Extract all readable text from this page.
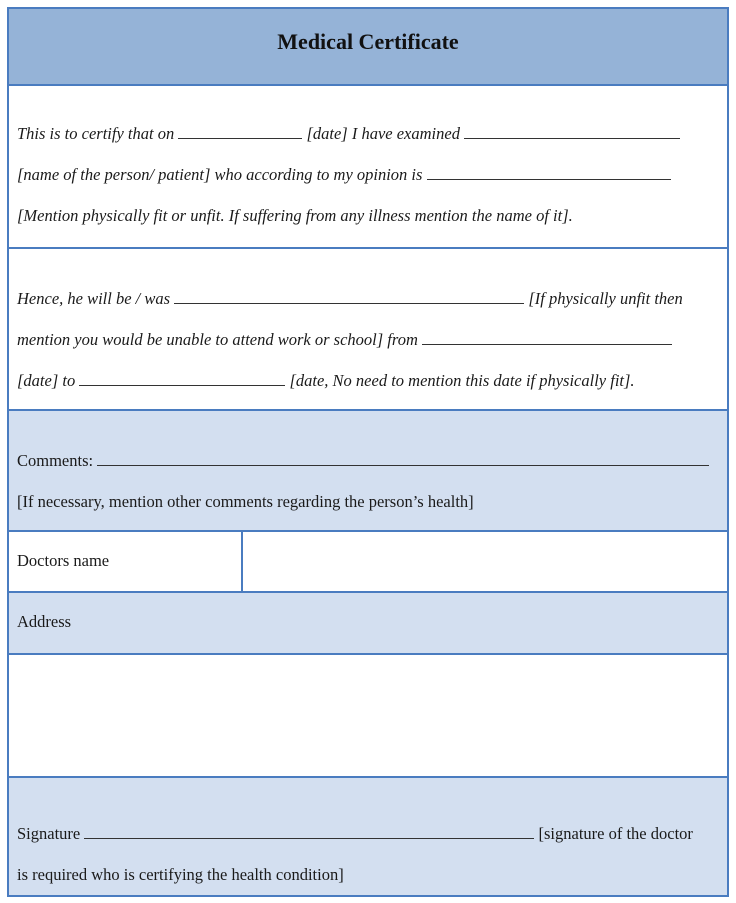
Medical Certificate
This is to certify that on	[date] I have examined
[name of the person/ patient] who according to my opinion is
[Mention physically fit or unfit. If suffering from any illness mention the name of it].
Hence, he will be / was	[If physically unfit then
mention you would be unable to attend work or school] from
[date] to	[date, No need to mention this date if physically fit].
Comments:
[If necessary, mention other comments regarding the person’s health]
Doctors name
Address
Signature	[signature of the doctor
is required who is certifying the health condition]
